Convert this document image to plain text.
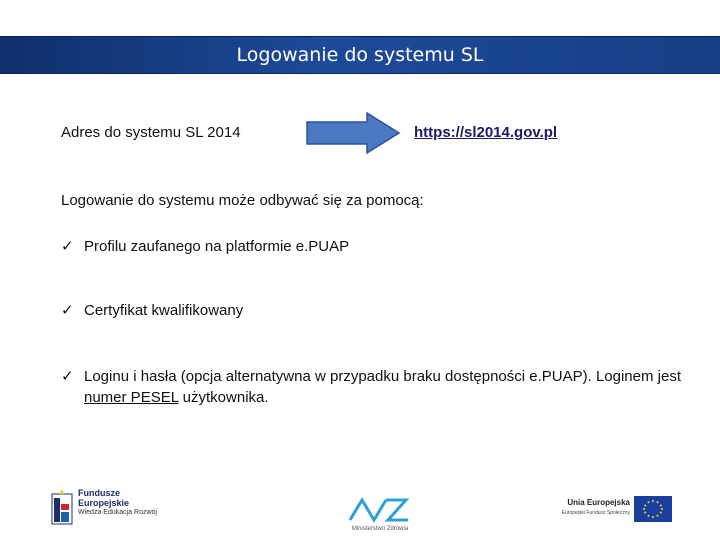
Logowanie do systemu SL
Adres do systemu SL 2014	https://sl2014.gov.pl
Logowanie do systemu może odbywać się za pomocą:
✓ Profilu zaufanego na platformie e.PUAP
✓ Certyfikat kwalifikowany
✓ Loginu i hasła (opcja alternatywna w przypadku braku dostępności e.PUAP). Loginem jest numer PESEL użytkownika.
Fundusze
Europejskie
Wiedza Edukacja Rozwój
Ministerstwo Zdrowia
Unia Europejska
Europejski Fundusz Społeczny
